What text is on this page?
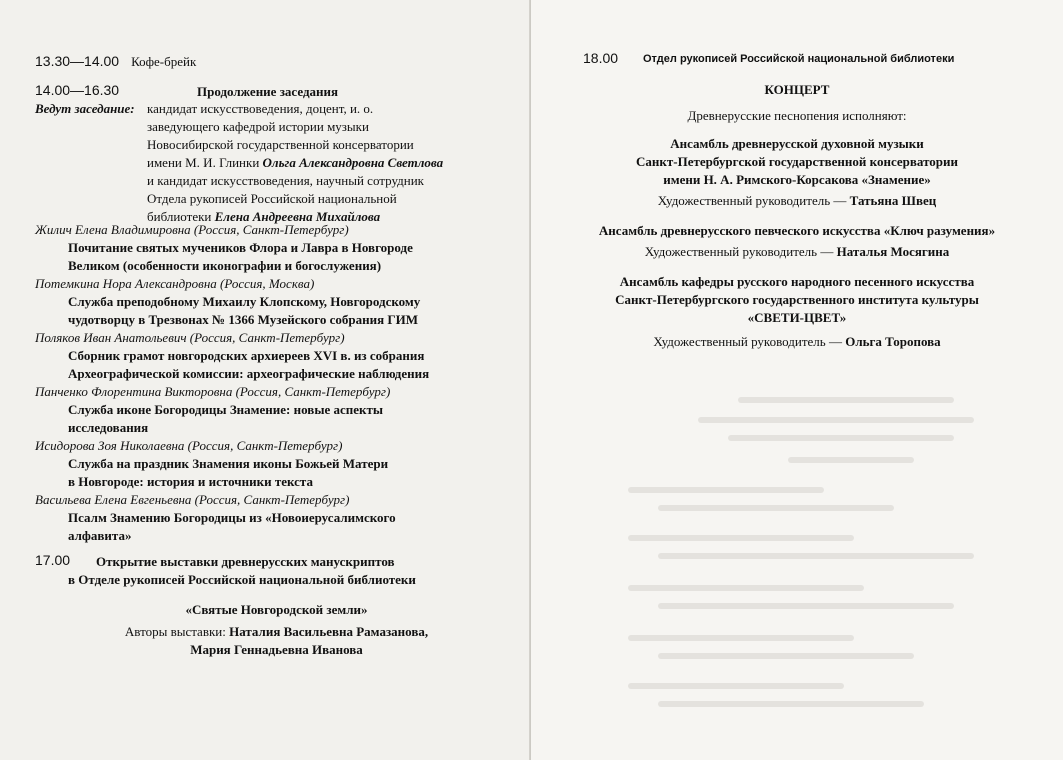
13.30—14.00 Кофе-брейк
14.00—16.30	Продолжение заседания
Ведут заседание: кандидат искусствоведения, доцент, и. о.
заведующего кафедрой истории музыки
Новосибирской государственной консерватории
имени М. И. Глинки Ольга Александровна Светлова
и кандидат искусствоведения, научный сотрудник
Отдела рукописей Российской национальной
библиотеки Елена Андреевна Михайлова
Жилич Елена Владимировна (Россия, Санкт-Петербург)
Почитание святых мучеников Флора и Лавра в Новгороде
Великом (особенности иконографии и богослужения)
Потемкина Нора Александровна (Россия, Москва)
Служба преподобному Михаилу Клопскому, Новгородскому
чудотворцу в Трезвонах № 1366 Музейского собрания ГИМ
Поляков Иван Анатольевич (Россия, Санкт-Петербург)
Сборник грамот новгородских архиереев XVI в. из собрания
Археографической комиссии: археографические наблюдения
Панченко Флорентина Викторовна (Россия, Санкт-Петербург)
Служба иконе Богородицы Знамение: новые аспекты
исследования
Исидорова Зоя Николаевна (Россия, Санкт-Петербург)
Служба на праздник Знамения иконы Божьей Матери
в Новгороде: история и источники текста
Васильева Елена Евгеньевна (Россия, Санкт-Петербург)
Псалм Знамению Богородицы из «Новоиерусалимского
алфавита»
17.00	Открытие выставки древнерусских манускриптов
в Отделе рукописей Российской национальной библиотеки
«Святые Новгородской земли»
Авторы выставки: Наталия Васильевна Рамазанова,
Мария Геннадьевна Иванова
18.00 Отдел рукописей Российской национальной библиотеки
КОНЦЕРТ
Древнерусские песнопения исполняют:
Ансамбль древнерусской духовной музыки
Санкт-Петербургской государственной консерватории
имени Н. А. Римского-Корсакова «Знамение»
Художественный руководитель — Татьяна Швец
Ансамбль древнерусского певческого искусства «Ключ разумения»
Художественный руководитель — Наталья Мосягина
Ансамбль кафедры русского народного песенного искусства
Санкт-Петербургского государственного института культуры
«СВЕТИ-ЦВЕТ»
Художественный руководитель — Ольга Торопова
